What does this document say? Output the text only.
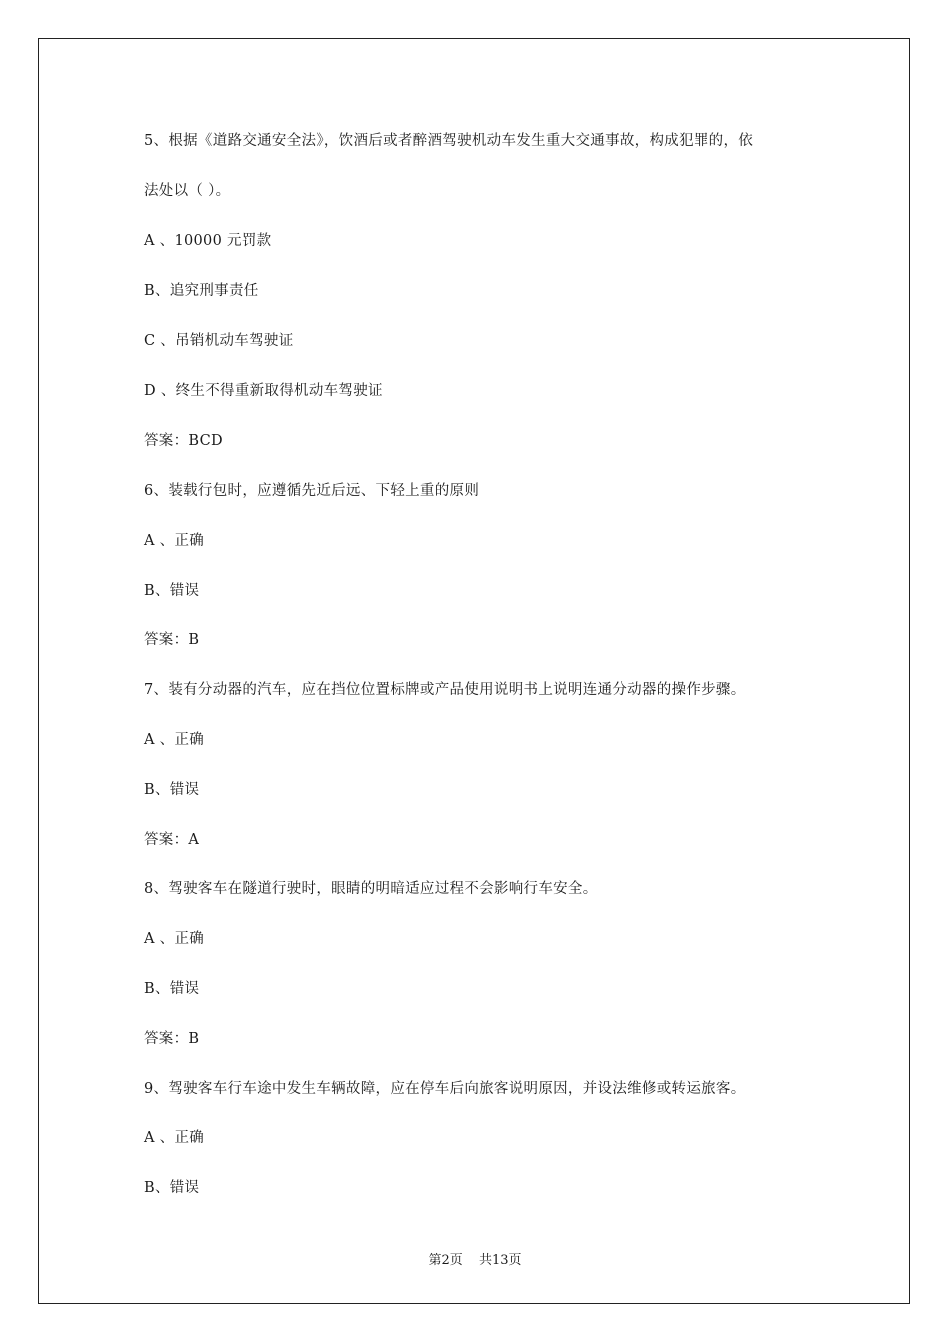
5、根据《道路交通安全法》，饮酒后或者醉酒驾驶机动车发生重大交通事故，构成犯罪的，依
法处以（ ）。
A 、10000 元罚款
B、追究刑事责任
C 、吊销机动车驾驶证
D 、终生不得重新取得机动车驾驶证
答案：BCD
6、装载行包时，应遵循先近后远、下轻上重的原则
A 、正确
B、错误
答案：B
7、装有分动器的汽车，应在挡位位置标牌或产品使用说明书上说明连通分动器的操作步骤。
A 、正确
B、错误
答案：A
8、驾驶客车在隧道行驶时，眼睛的明暗适应过程不会影响行车安全。
A 、正确
B、错误
答案：B
9、驾驶客车行车途中发生车辆故障，应在停车后向旅客说明原因，并设法维修或转运旅客。
A 、正确
B、错误
第2页 共13页
